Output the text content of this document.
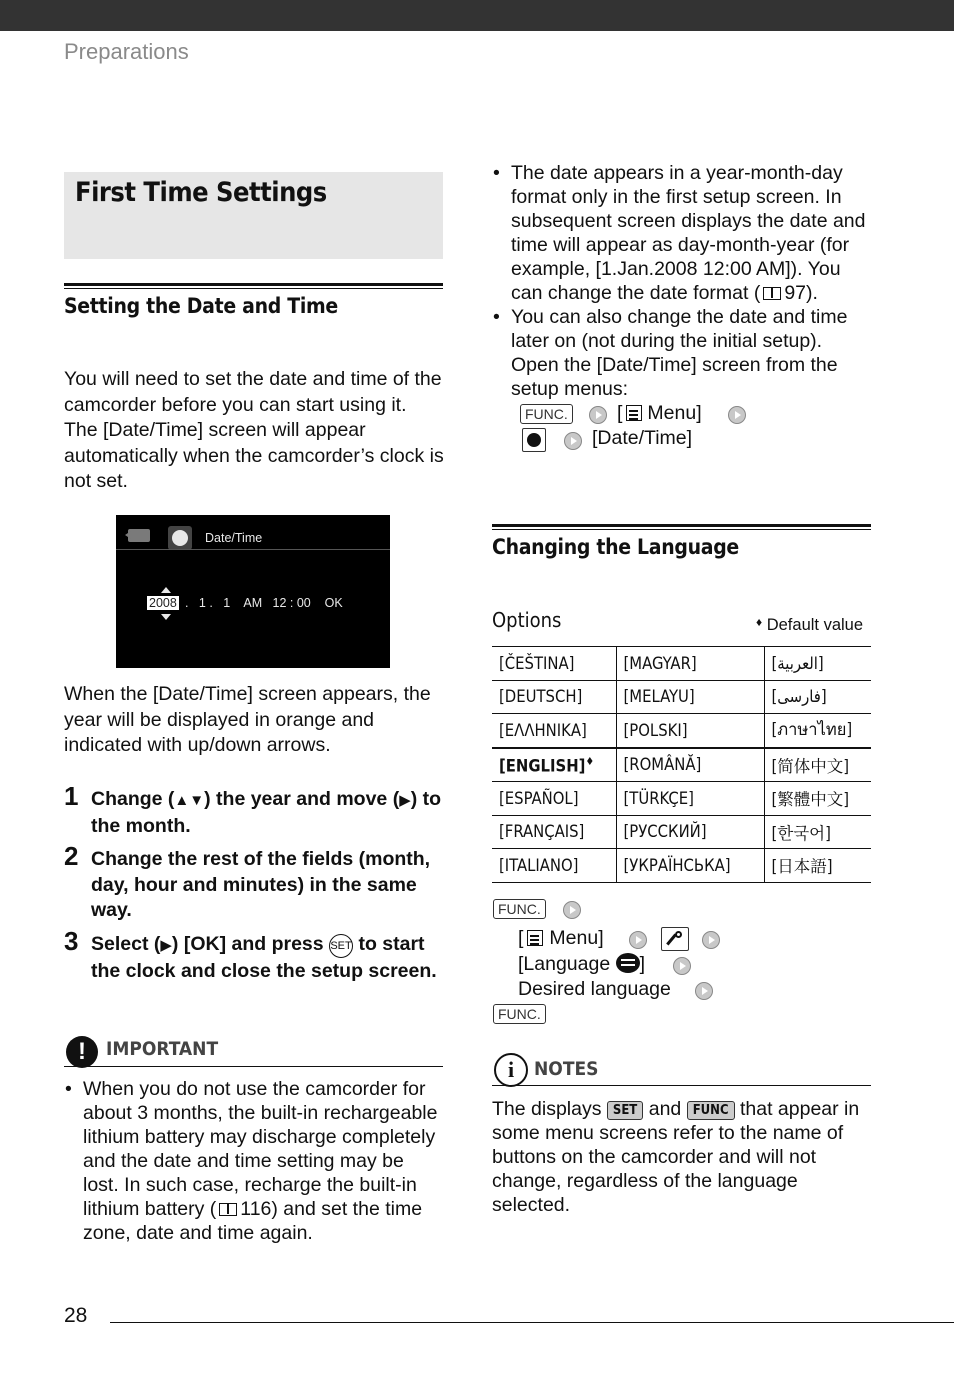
Preparations
First Time Settings
Setting the Date and Time
You will need to set the date and time of the camcorder before you can start using it. The [Date/Time] screen will appear automatically when the camcorder’s clock is not set.
Date/Time
2008 .   1 .   1    AM   12 : 00    OK
When the [Date/Time] screen appears, the year will be displayed in orange and indicated with up/down arrows.
1 Change (▲▼) the year and move (▶) to the month.
2 Change the rest of the fields (month, day, hour and minutes) in the same way.
3 Select (▶) [OK] and press SET to start the clock and close the setup screen.
!	IMPORTANT
• When you do not use the camcorder for about 3 months, the built-in rechargeable lithium battery may discharge completely and the date and time setting may be lost. In such case, recharge the built-in lithium battery ( 116) and set the time zone, date and time again.
• The date appears in a year-month-day format only in the first setup screen. In subsequent screen displays the date and time will appear as day-month-year (for example, [1.Jan.2008 12:00 AM]). You can change the date format ( 97).
• You can also change the date and time later on (not during the initial setup). Open the [Date/Time] screen from the setup menus:
FUNC.	[ Menu]
[Date/Time]
Changing the Language
Options	♦ Default value
[ČEŠTINA]	[MAGYAR]	[العربية]
[DEUTSCH]	[MELAYU]	[فارسی]
[ΕΛΛΗΝΙΚΑ]	[POLSKI]	[ภาษาไทย]
[ENGLISH]♦	[ROMÂNĂ]	[简体中文]
[ESPAÑOL]	[TÜRKÇE]	[繁體中文]
[FRANÇAIS]	[РУССКИЙ]	[한국어]
[ITALIANO]	[УКРАЇНСЬКА]	[日本語]
FUNC.
[ Menu]
[Language ]
Desired language
FUNC.
i	NOTES
The displays SET and FUNC that appear in some menu screens refer to the name of buttons on the camcorder and will not change, regardless of the language selected.
28
